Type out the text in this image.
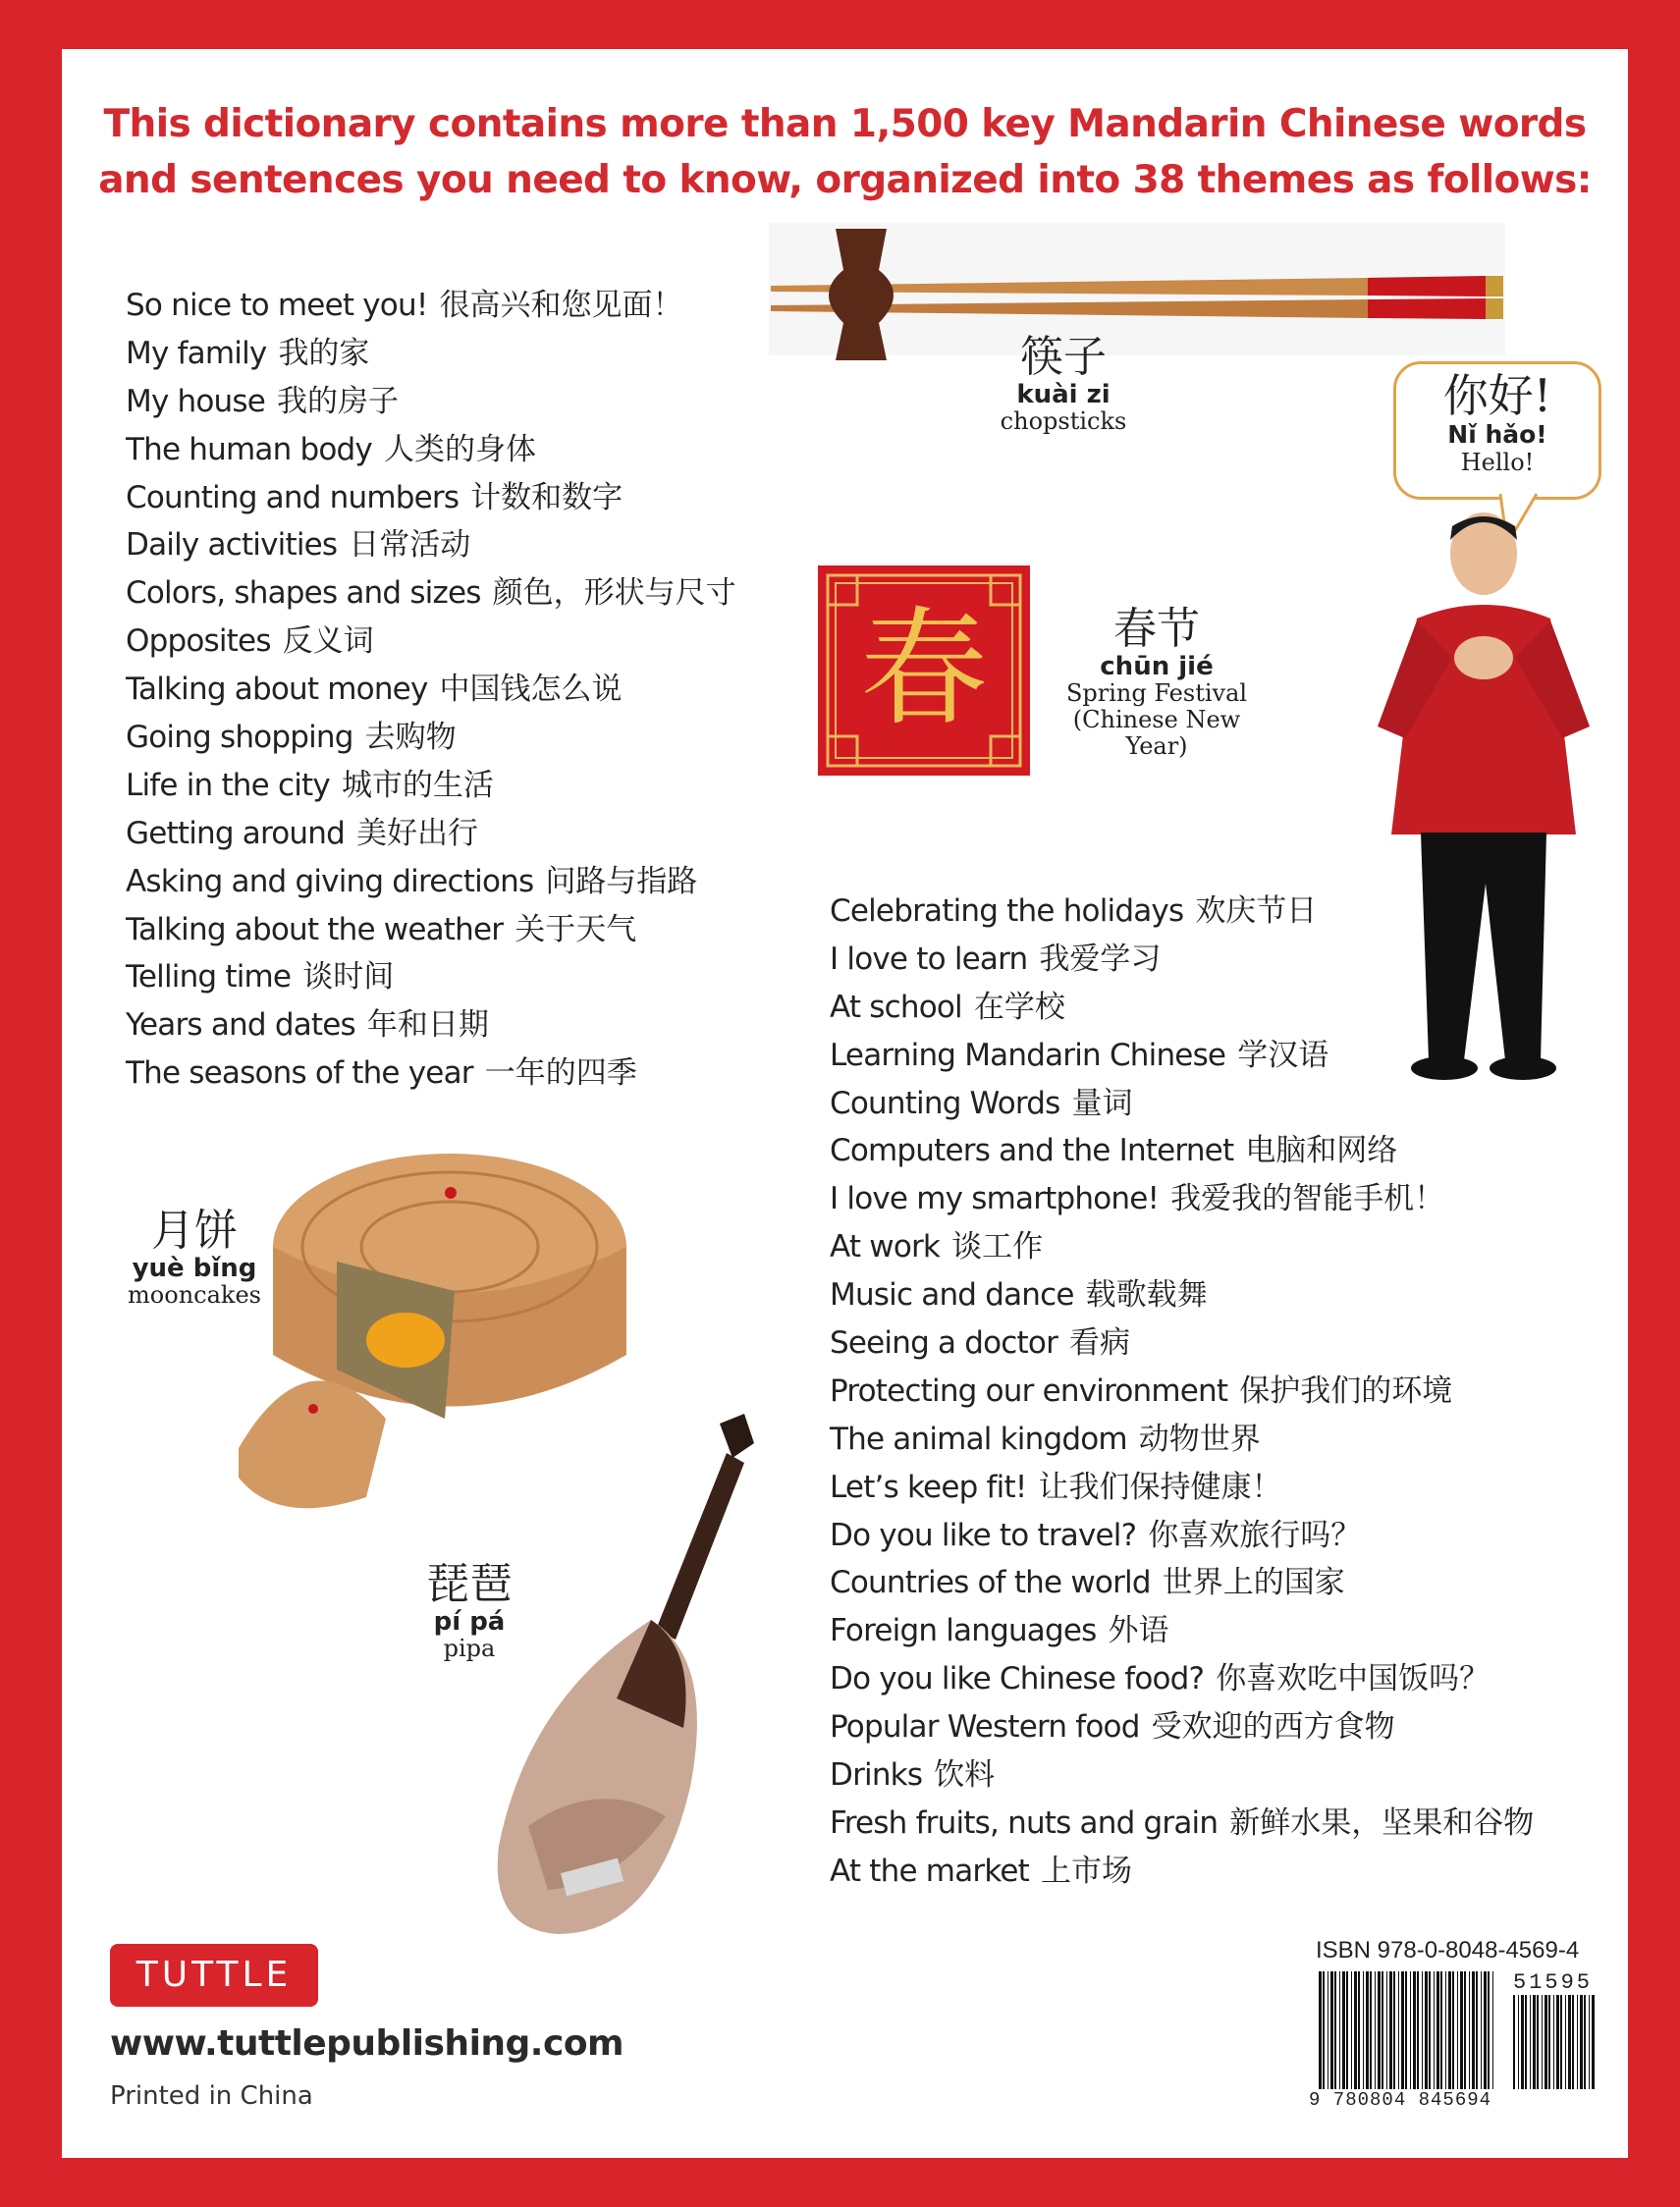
This dictionary contains more than 1,500 key Mandarin Chinese words
and sentences you need to know, organized into 38 themes as follows:
So nice to meet you! 很高兴和您见面！
My family 我的家
My house 我的房子
The human body 人类的身体
Counting and numbers 计数和数字
Daily activities 日常活动
Colors, shapes and sizes 颜色，形状与尺寸
Opposites 反义词
Talking about money 中国钱怎么说
Going shopping 去购物
Life in the city 城市的生活
Getting around 美好出行
Asking and giving directions 问路与指路
Talking about the weather 关于天气
Telling time 谈时间
Years and dates 年和日期
The seasons of the year 一年的四季
Celebrating the holidays 欢庆节日
I love to learn 我爱学习
At school 在学校
Learning Mandarin Chinese 学汉语
Counting Words 量词
Computers and the Internet 电脑和网络
I love my smartphone! 我爱我的智能手机！
At work 谈工作
Music and dance 载歌载舞
Seeing a doctor 看病
Protecting our environment 保护我们的环境
The animal kingdom 动物世界
Let’s keep fit! 让我们保持健康！
Do you like to travel? 你喜欢旅行吗？
Countries of the world 世界上的国家
Foreign languages 外语
Do you like Chinese food? 你喜欢吃中国饭吗？
Popular Western food 受欢迎的西方食物
Drinks 饮料
Fresh fruits, nuts and grain 新鲜水果，坚果和谷物
At the market 上市场
筷子
kuài zi
chopsticks	你好!
Nǐ hǎo!
Hello!
春	春节
chūn jié
Spring Festival
(Chinese New Year)
月饼
yuè bǐng
mooncakes
琵琶
pí pá
pipa
TUTTLE
www.tuttlepublishing.com
Printed in China
ISBN 978-0-8048-4569-4
51595
9 780804 845694
